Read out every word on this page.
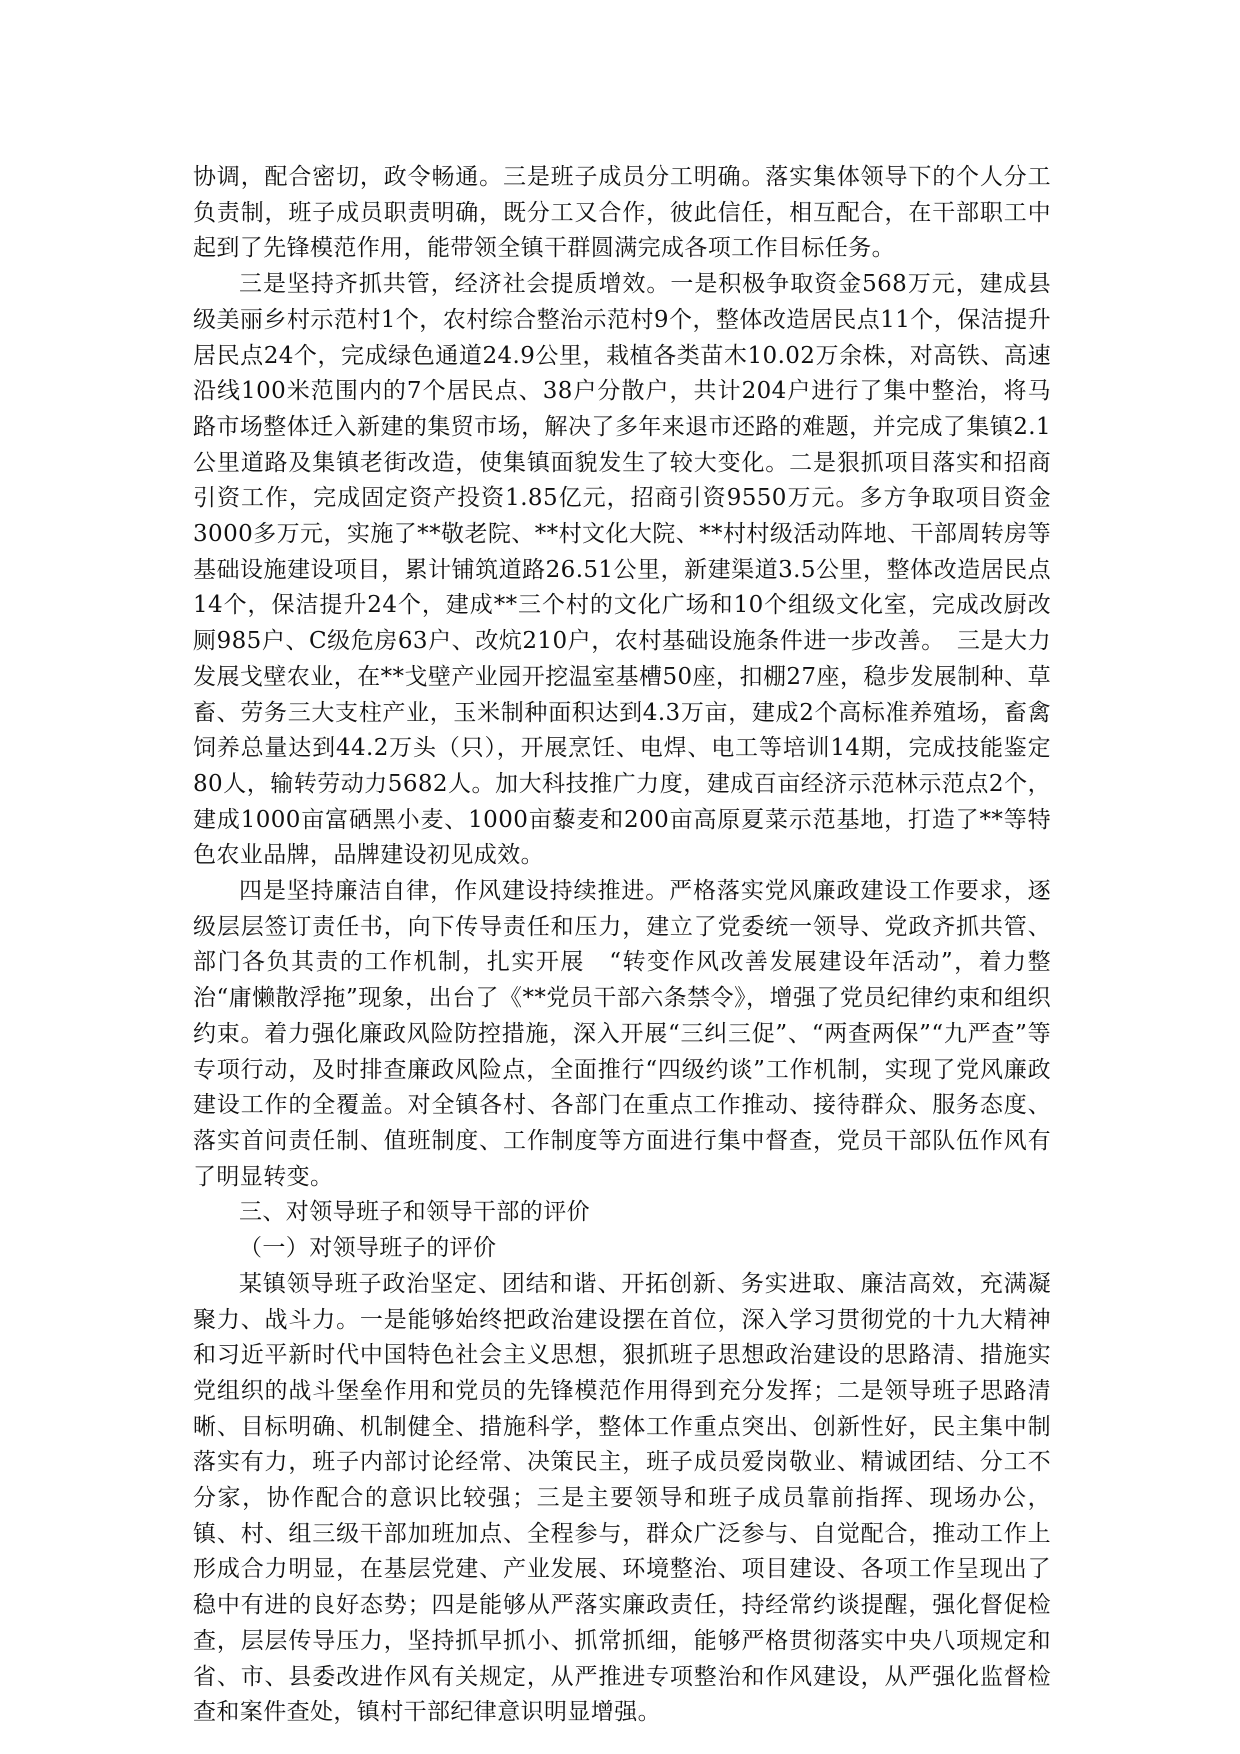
协调，配合密切，政令畅通。三是班子成员分工明确。落实集体领导下的个人分工负责制，班子成员职责明确，既分工又合作，彼此信任，相互配合，在干部职工中起到了先锋模范作用，能带领全镇干群圆满完成各项工作目标任务。

三是坚持齐抓共管，经济社会提质增效。一是积极争取资金568万元，建成县级美丽乡村示范村1个，农村综合整治示范村9个，整体改造居民点11个，保洁提升居民点24个，完成绿色通道24.9公里，栽植各类苗木10.02万余株，对高铁、高速沿线100米范围内的7个居民点、38户分散户，共计204户进行了集中整治，将马路市场整体迁入新建的集贸市场，解决了多年来退市还路的难题，并完成了集镇2.1公里道路及集镇老街改造，使集镇面貌发生了较大变化。二是狠抓项目落实和招商引资工作，完成固定资产投资1.85亿元，招商引资9550万元。多方争取项目资金3000多万元，实施了**敬老院、**村文化大院、**村村级活动阵地、干部周转房等基础设施建设项目，累计铺筑道路26.51公里，新建渠道3.5公里，整体改造居民点14个，保洁提升24个，建成**三个村的文化广场和10个组级文化室，完成改厨改厕985户、C级危房63户、改炕210户，农村基础设施条件进一步改善。　三是大力发展戈壁农业，在**戈壁产业园开挖温室基槽50座，扣棚27座，稳步发展制种、草畜、劳务三大支柱产业，玉米制种面积达到4.3万亩，建成2个高标准养殖场，畜禽饲养总量达到44.2万头（只），开展烹饪、电焊、电工等培训14期，完成技能鉴定80人，输转劳动力5682人。加大科技推广力度，建成百亩经济示范林示范点2个，建成1000亩富硒黑小麦、1000亩藜麦和200亩高原夏菜示范基地，打造了**等特色农业品牌，品牌建设初见成效。

四是坚持廉洁自律，作风建设持续推进。严格落实党风廉政建设工作要求，逐级层层签订责任书，向下传导责任和压力，建立了党委统一领导、党政齐抓共管、部门各负其责的工作机制，扎实开展　“转变作风改善发展建设年活动”，着力整治“庸懒散浮拖”现象，出台了《**党员干部六条禁令》，增强了党员纪律约束和组织约束。着力强化廉政风险防控措施，深入开展“三纠三促”、“两查两保”“九严查”等专项行动，及时排查廉政风险点，全面推行“四级约谈”工作机制，实现了党风廉政建设工作的全覆盖。对全镇各村、各部门在重点工作推动、接待群众、服务态度、落实首问责任制、值班制度、工作制度等方面进行集中督查，党员干部队伍作风有了明显转变。

三、对领导班子和领导干部的评价

（一）对领导班子的评价

某镇领导班子政治坚定、团结和谐、开拓创新、务实进取、廉洁高效，充满凝聚力、战斗力。一是能够始终把政治建设摆在首位，深入学习贯彻党的十九大精神和习近平新时代中国特色社会主义思想，狠抓班子思想政治建设的思路清、措施实党组织的战斗堡垒作用和党员的先锋模范作用得到充分发挥；二是领导班子思路清晰、目标明确、机制健全、措施科学，整体工作重点突出、创新性好，民主集中制落实有力，班子内部讨论经常、决策民主，班子成员爱岗敬业、精诚团结、分工不分家，协作配合的意识比较强；三是主要领导和班子成员靠前指挥、现场办公，镇、村、组三级干部加班加点、全程参与，群众广泛参与、自觉配合，推动工作上形成合力明显，在基层党建、产业发展、环境整治、项目建设、各项工作呈现出了稳中有进的良好态势；四是能够从严落实廉政责任，持经常约谈提醒，强化督促检查，层层传导压力，坚持抓早抓小、抓常抓细，能够严格贯彻落实中央八项规定和省、市、县委改进作风有关规定，从严推进专项整治和作风建设，从严强化监督检查和案件查处，镇村干部纪律意识明显增强。
